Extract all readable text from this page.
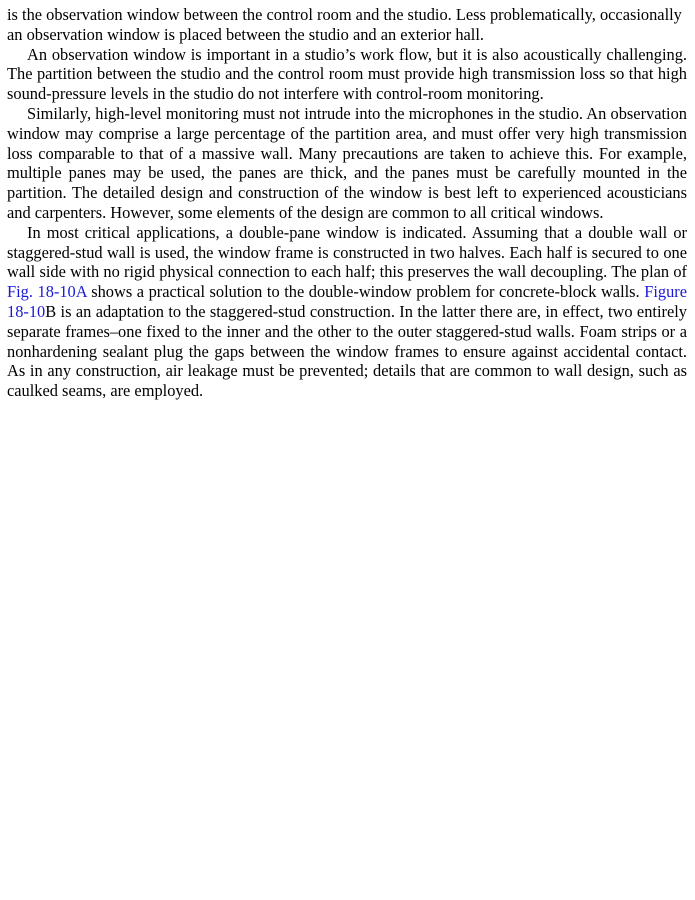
is the observation window between the control room and the studio. Less problematically, occasionally an observation window is placed between the studio and an exterior hall.

An observation window is important in a studio’s work flow, but it is also acoustically challenging. The partition between the studio and the control room must provide high transmission loss so that high sound-pressure levels in the studio do not interfere with control-room monitoring.

Similarly, high-level monitoring must not intrude into the microphones in the studio. An observation window may comprise a large percentage of the partition area, and must offer very high transmission loss comparable to that of a massive wall. Many precautions are taken to achieve this. For example, multiple panes may be used, the panes are thick, and the panes must be carefully mounted in the partition. The detailed design and construction of the window is best left to experienced acousticians and carpenters. However, some elements of the design are common to all critical windows.

In most critical applications, a double-pane window is indicated. Assuming that a double wall or staggered-stud wall is used, the window frame is constructed in two halves. Each half is secured to one wall side with no rigid physical connection to each half; this preserves the wall decoupling. The plan of Fig. 18-10A shows a practical solution to the double-window problem for concrete-block walls. Figure 18-10B is an adaptation to the staggered-stud construction. In the latter there are, in effect, two entirely separate frames–one fixed to the inner and the other to the outer staggered-stud walls. Foam strips or a nonhardening sealant plug the gaps between the window frames to ensure against accidental contact. As in any construction, air leakage must be prevented; details that are common to wall design, such as caulked seams, are employed.
